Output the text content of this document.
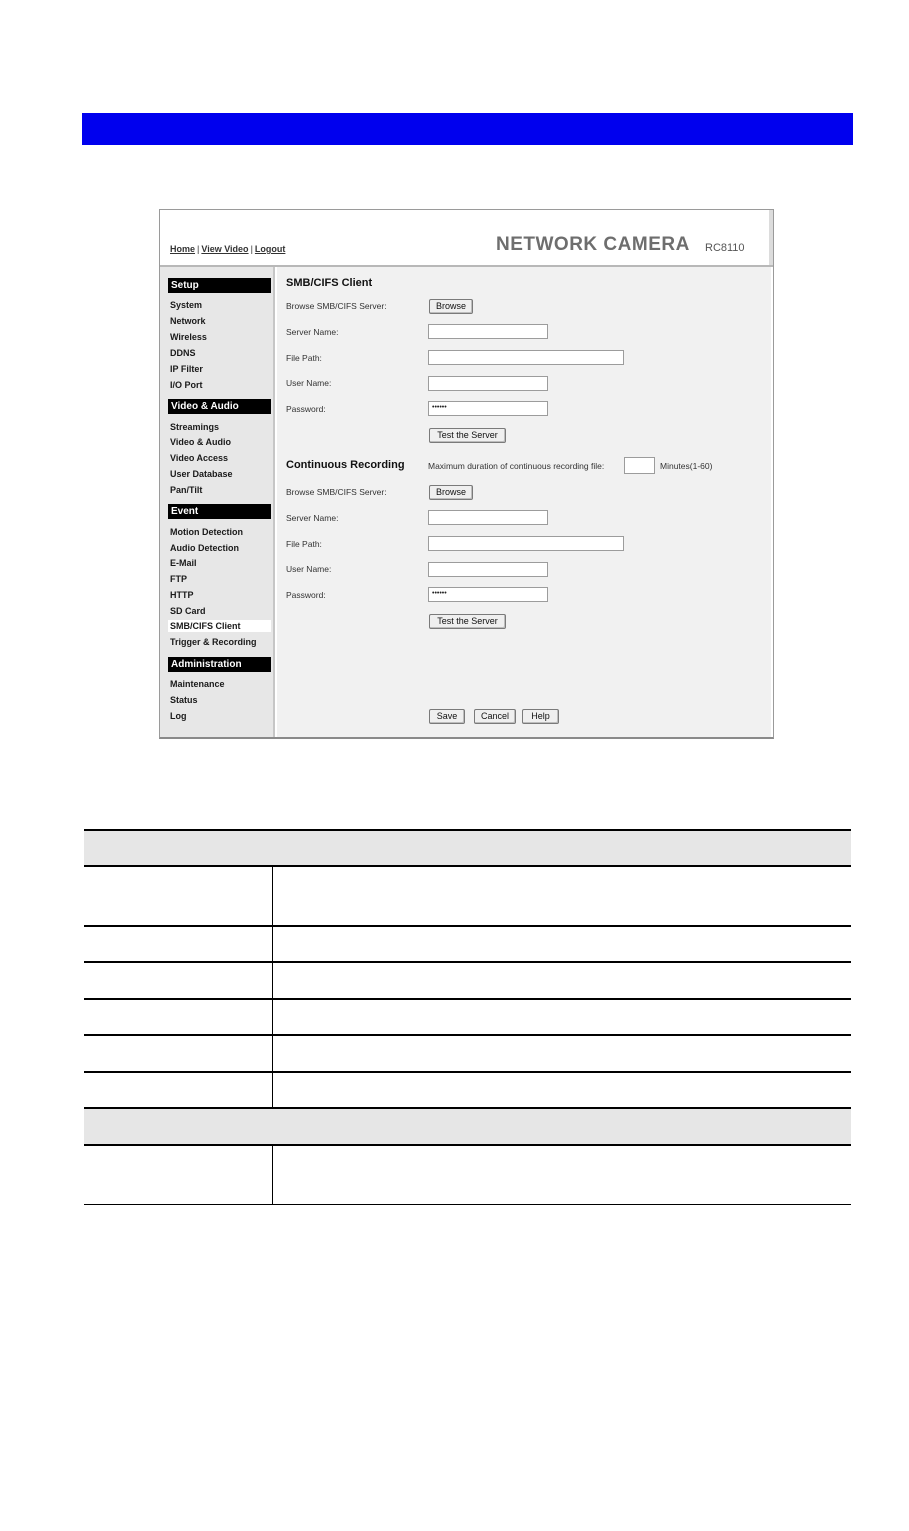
Home | View Video | Logout	NETWORK CAMERA RC8110
Setup
System
Network
Wireless
DDNS
IP Filter
I/O Port
Video & Audio
Streamings
Video & Audio
Video Access
User Database
Pan/Tilt
Event
Motion Detection
Audio Detection
E-Mail
FTP
HTTP
SD Card
SMB/CIFS Client
Trigger & Recording
Administration
Maintenance
Status
Log
SMB/CIFS Client
Browse SMB/CIFS Server:	Browse
Server Name:
File Path:
User Name:
Password:	••••••
Test the Server
Continuous Recording	Maximum duration of continuous recording file:	Minutes(1-60)
Browse SMB/CIFS Server:	Browse
Server Name:
File Path:
User Name:
Password:	••••••
Test the Server
Save	Cancel	Help
